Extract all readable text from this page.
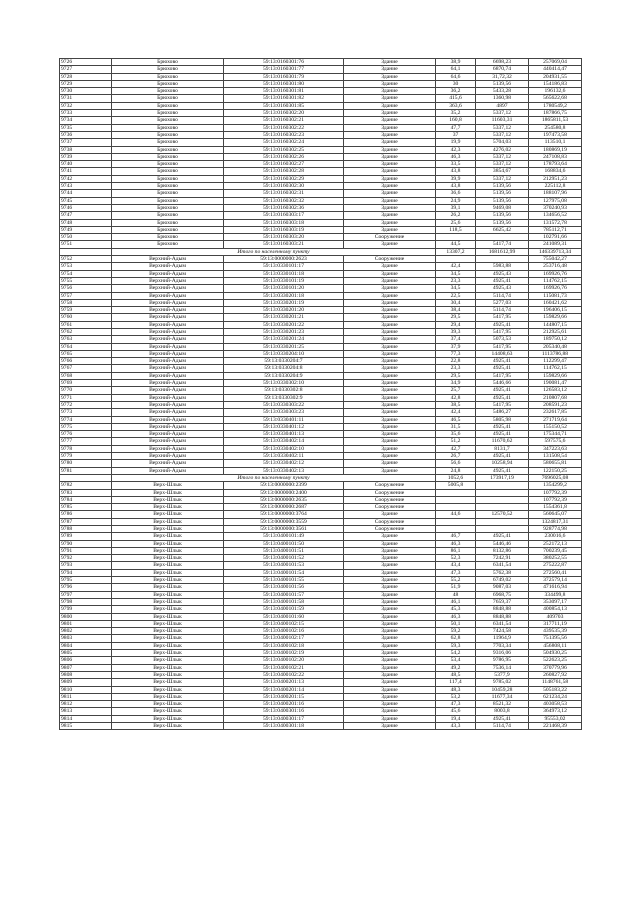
9726	Брюхово	59:13:0160301:76	Здание	38,9	6698,23	257069,04
9727	Брюхово	59:13:0160301:77	Здание	64,1	6870,74	440414,47
9728	Брюхово	59:13:0160301:79	Здание	64,6	31,72,32	204931,55
9729	Брюхово	59:13:0160301:80	Здание	30	5139,56	154186,83
9730	Брюхово	59:13:0160301:81	Здание	36,2	5433,28	196132,6
9731	Брюхово	59:13:0160301:82	Здание	415,6	1360,98	565622,68
9732	Брюхово	59:13:0160301:85	Здание	363,6	4897	1780549,2
9733	Брюхово	59:13:0160302:20	Здание	35,2	5337,12	187866,75
9734	Брюхово	59:13:0160302:21	Здание	160,8	11603,31	1865811,53
9735	Брюхово	59:13:0160302:22	Здание	47,7	5337,12	254580,8
9736	Брюхово	59:13:0160302:23	Здание	37	5337,12	197473,58
9737	Брюхово	59:13:0160302:24	Здание	19,9	5704,03	113510,1
9738	Брюхово	59:13:0160302:25	Здание	42,3	4276,02	180869,19
9739	Брюхово	59:13:0160302:26	Здание	46,3	5337,12	247108,83
9740	Брюхово	59:13:0160302:27	Здание	33,5	5337,12	178793,64
9741	Брюхово	59:13:0160302:28	Здание	43,8	3854,67	168834,6
9742	Брюхово	59:13:0160302:29	Здание	39,9	5337,12	212951,23
9743	Брюхово	59:13:0160302:30	Здание	43,8	5139,56	225112,8
9744	Брюхово	59:13:0160302:31	Здание	36,6	5139,56	188107,96
9745	Брюхово	59:13:0160302:32	Здание	24,9	5139,56	127975,08
9746	Брюхово	59:13:0160302:36	Здание	39,1	9469,08	370240,93
9747	Брюхово	59:13:0160303:17	Здание	26,2	5139,56	134656,52
9748	Брюхово	59:13:0160303:18	Здание	25,6	5139,56	131572,78
9749	Брюхово	59:13:0160303:19	Здание	118,5	6625,42	785112,71
9750	Брюхово	59:13:0160303:20	Сооружение			102791,66
9751	Брюхово	59:13:0160303:21	Здание	44,5	5417,74	241089,31
	Итого по населенному пункту			13307,2	1681612,99	146339713,34
9752	Верхний-Адым	59:13:0000000:2623	Сооружение			755042,27
9753	Верхний-Адым	59:13:0330101:17	Здание	42,4	5983,88	253716,48
9754	Верхний-Адым	59:13:0330101:18	Здание	34,5	4925,43	169926,76
9755	Верхний-Адым	59:13:0330101:19	Здание	23,3	4925,41	114762,15
9756	Верхний-Адым	59:13:0330101:20	Здание	34,5	4925,43	169926,76
9757	Верхний-Адым	59:13:0330201:18	Здание	22,5	5114,74	115081,73
9758	Верхний-Адым	59:13:0330201:19	Здание	30,4	5277,03	160421,62
9759	Верхний-Адым	59:13:0330201:20	Здание	38,4	5114,74	196406,15
9760	Верхний-Адым	59:13:0330201:21	Здание	29,5	5417,95	159829,66
9761	Верхний-Адым	59:13:0330201:22	Здание	29,4	4925,41	144807,15
9762	Верхний-Адым	59:13:0330201:23	Здание	39,3	5417,95	212925,61
9763	Верхний-Адым	59:13:0330201:24	Здание	37,4	5073,53	189750,12
9764	Верхний-Адым	59:13:0330201:25	Здание	37,9	5417,95	205340,48
9765	Верхний-Адым	59:13:0330204:10	Здание	77,3	14408,63	1113786,88
9766	Верхний-Адым	59:13:0330204:7	Здание	22,8	4925,41	112299,47
9767	Верхний-Адым	59:13:0330204:8	Здание	23,3	4925,41	114762,15
9768	Верхний-Адым	59:13:0330204:9	Здание	29,5	5417,95	159829,66
9769	Верхний-Адым	59:13:0330302:10	Здание	34,9	5446,66	190081,47
9770	Верхний-Адым	59:13:0330302:8	Здание	25,7	4925,41	126583,12
9771	Верхний-Адым	59:13:0330302:9	Здание	42,8	4925,41	210807,68
9772	Верхний-Адым	59:13:0330303:22	Здание	38,5	5417,95	208591,23
9773	Верхний-Адым	59:13:0330303:23	Здание	42,4	5486,27	232617,85
9774	Верхний-Адым	59:13:0330401:11	Здание	46,5	5805,98	271719,64
9775	Верхний-Адым	59:13:0330401:12	Здание	31,5	4925,41	155150,52
9776	Верхний-Адым	59:13:0330401:13	Здание	35,6	4925,41	175344,71
9777	Верхний-Адым	59:13:0330402:14	Здание	51,2	11670,62	597575,6
9778	Верхний-Адым	59:13:0330402:10	Здание	42,7	8131,7	347223,63
9779	Верхний-Адым	59:13:0330402:11	Здание	26,7	4925,41	131508,54
9780	Верхний-Адым	59:13:0330402:12	Здание	56,6	10258,94	580655,81
9781	Верхний-Адым	59:13:0330402:13	Здание	24,8	4925,41	122150,25
	Итого по населенному пункту			1052,6	173917,19	7696025,08
9782	Верх-Шлык	59:13:0000000:2399	Сооружение	5005,8		1354299,2
9783	Верх-Шлык	59:13:0000000:2400	Сооружение			107792,39
9784	Верх-Шлык	59:13:0000000:2635	Сооружение			107792,39
9785	Верх-Шлык	59:13:0000000:2687	Сооружение			1554361,8
9786	Верх-Шлык	59:13:0000000:3764	Здание	44,6	12570,52	560645,07
9787	Верх-Шлык	59:13:0000000:3559	Сооружение			1324817,31
9788	Верх-Шлык	59:13:0000000:3561	Сооружение			928774,98
9789	Верх-Шлык	59:13:0400101:49	Здание	46,7	4925,41	230016,6
9790	Верх-Шлык	59:13:0400101:50	Здание	46,3	5446,46	252172,13
9791	Верх-Шлык	59:13:0400101:51	Здание	86,1	8132,86	700239,45
9792	Верх-Шлык	59:13:0400101:52	Здание	52,3	7242,91	380252,55
9793	Верх-Шлык	59:13:0400101:53	Здание	43,4	6341,54	275222,87
9794	Верх-Шлык	59:13:0400101:54	Здание	47,3	5762,38	272560,41
9795	Верх-Шлык	59:13:0400101:55	Здание	55,2	6749,02	372579,14
9796	Верх-Шлык	59:13:0400101:56	Здание	51,9	9087,03	471616,94
9797	Верх-Шлык	59:13:0400101:57	Здание	48	6968,75	334499,8
9798	Верх-Шлык	59:13:0400101:58	Здание	46,1	7659,37	353097,17
9799	Верх-Шлык	59:13:0400101:59	Здание	45,3	8848,88	400854,13
9800	Верх-Шлык	59:13:0400101:60	Здание	46,3	8848,88	409703
9801	Верх-Шлык	59:13:0400102:15	Здание	50,1	6341,54	317711,19
9802	Верх-Шлык	59:13:0400102:16	Здание	59,2	7424,58	439535,39
9803	Верх-Шлык	59:13:0400102:17	Здание	62,8	11964,9	751395,56
9804	Верх-Шлык	59:13:0400102:18	Здание	59,3	7703,34	456808,11
9805	Верх-Шлык	59:13:0400102:19	Здание	54,2	9316,06	504930,25
9806	Верх-Шлык	59:13:0400102:20	Здание	53,4	9786,95	522623,25
9807	Верх-Шлык	59:13:0400102:21	Здание	49,2	7536,14	370779,96
9808	Верх-Шлык	59:13:0400102:22	Здание	48,5	5377,9	260827,92
9809	Верх-Шлык	59:13:0400201:13	Здание	117,4	9785,02	1148761,58
9810	Верх-Шлык	59:13:0400201:14	Здание	48,3	10459,28	505183,22
9811	Верх-Шлык	59:13:0400201:15	Здание	53,2	11677,34	621234,24
9812	Верх-Шлык	59:13:0400201:16	Здание	47,3	8521,32	403058,53
9813	Верх-Шлык	59:13:0400301:16	Здание	45,6	8003,8	364973,12
9814	Верх-Шлык	59:13:0400301:17	Здание	19,4	4925,41	95553,02
9815	Верх-Шлык	59:13:0400301:18	Здание	43,3	5114,74	221468,39
